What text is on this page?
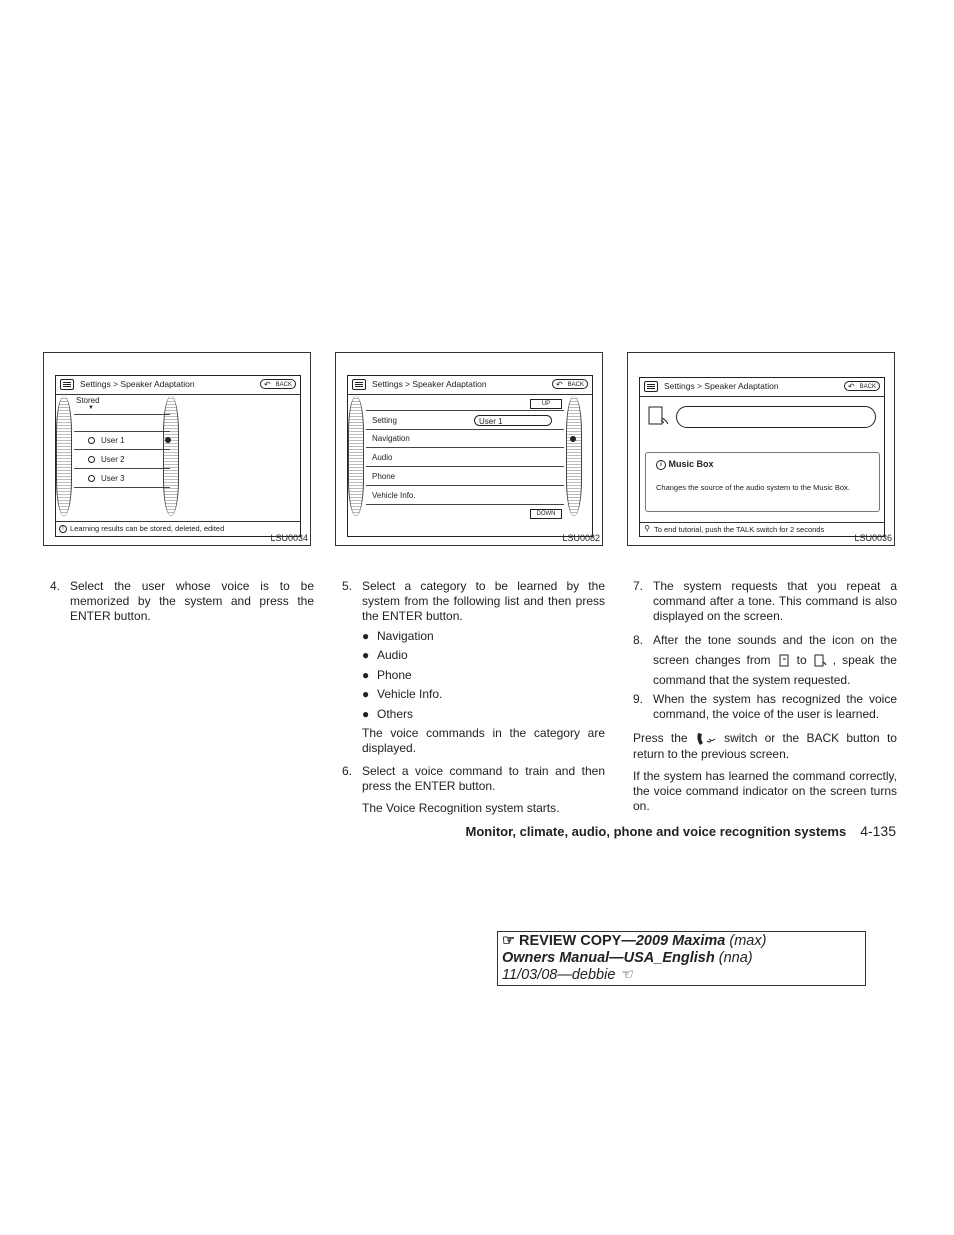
Settings > Speaker Adaptation	↶ BACK
Stored
▼
User 1
User 2
User 3
! Learning results can be stored, deleted, edited
LSU0034
Settings > Speaker Adaptation	↶ BACK
UP
Setting	User 1
Navigation
Audio
Phone
Vehicle Info.
DOWN
LSU0082
Settings > Speaker Adaptation	↶ BACK
i Music Box
Changes the source of the audio system to the Music Box.
⚲ To end tutorial, push the TALK switch for 2 seconds
LSU0036
4. Select the user whose voice is to be memorized by the system and press the ENTER button.
5. Select a category to be learned by the system from the following list and then press the ENTER button.
● Navigation
● Audio
● Phone
● Vehicle Info.
● Others
The voice commands in the category are displayed.
6. Select a voice command to train and then press the ENTER button.
The Voice Recognition system starts.
7. The system requests that you repeat a command after a tone. This command is also displayed on the screen.
8. After the tone sounds and the icon on the screen changes from to , speak the command that the system requested.
9. When the system has recognized the voice command, the voice of the user is learned.
Press the	switch or the BACK button to return to the previous screen.
If the system has learned the command correctly, the voice command indicator on the screen turns on.
Monitor, climate, audio, phone and voice recognition systems 4-135
☞ REVIEW COPY—2009 Maxima (max)
Owners Manual—USA_English (nna)
11/03/08—debbie ☜
